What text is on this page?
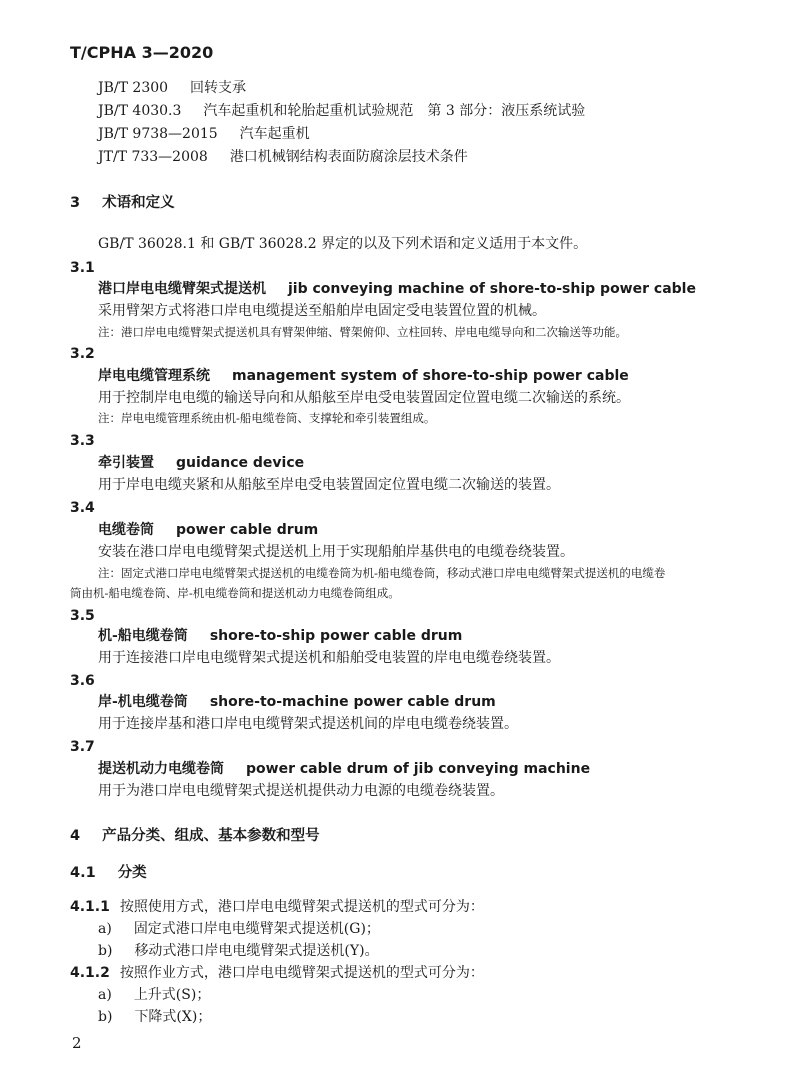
T/CPHA 3—2020
JB/T 2300 回转支承
JB/T 4030.3 汽车起重机和轮胎起重机试验规范　第 3 部分：液压系统试验
JB/T 9738—2015 汽车起重机
JT/T 733—2008 港口机械钢结构表面防腐涂层技术条件
3 术语和定义
GB/T 36028.1 和 GB/T 36028.2 界定的以及下列术语和定义适用于本文件。
3.1
港口岸电电缆臂架式提送机 jib conveying machine of shore-to-ship power cable
采用臂架方式将港口岸电电缆提送至船舶岸电固定受电装置位置的机械。
注：港口岸电电缆臂架式提送机具有臂架伸缩、臂架俯仰、立柱回转、岸电电缆导向和二次输送等功能。
3.2
岸电电缆管理系统 management system of shore-to-ship power cable
用于控制岸电电缆的输送导向和从船舷至岸电受电装置固定位置电缆二次输送的系统。
注：岸电电缆管理系统由机-船电缆卷筒、支撑轮和牵引装置组成。
3.3
牵引装置 guidance device
用于岸电电缆夹紧和从船舷至岸电受电装置固定位置电缆二次输送的装置。
3.4
电缆卷筒 power cable drum
安装在港口岸电电缆臂架式提送机上用于实现船舶岸基供电的电缆卷绕装置。
注：固定式港口岸电电缆臂架式提送机的电缆卷筒为机-船电缆卷筒，移动式港口岸电电缆臂架式提送机的电缆卷
筒由机-船电缆卷筒、岸-机电缆卷筒和提送机动力电缆卷筒组成。
3.5
机-船电缆卷筒 shore-to-ship power cable drum
用于连接港口岸电电缆臂架式提送机和船舶受电装置的岸电电缆卷绕装置。
3.6
岸-机电缆卷筒 shore-to-machine power cable drum
用于连接岸基和港口岸电电缆臂架式提送机间的岸电电缆卷绕装置。
3.7
提送机动力电缆卷筒 power cable drum of jib conveying machine
用于为港口岸电电缆臂架式提送机提供动力电源的电缆卷绕装置。
4 产品分类、组成、基本参数和型号
4.1 分类
4.1.1 按照使用方式，港口岸电电缆臂架式提送机的型式可分为：
a) 固定式港口岸电电缆臂架式提送机(G)；
b) 移动式港口岸电电缆臂架式提送机(Y)。
4.1.2 按照作业方式，港口岸电电缆臂架式提送机的型式可分为：
a) 上升式(S)；
b) 下降式(X)；
2
